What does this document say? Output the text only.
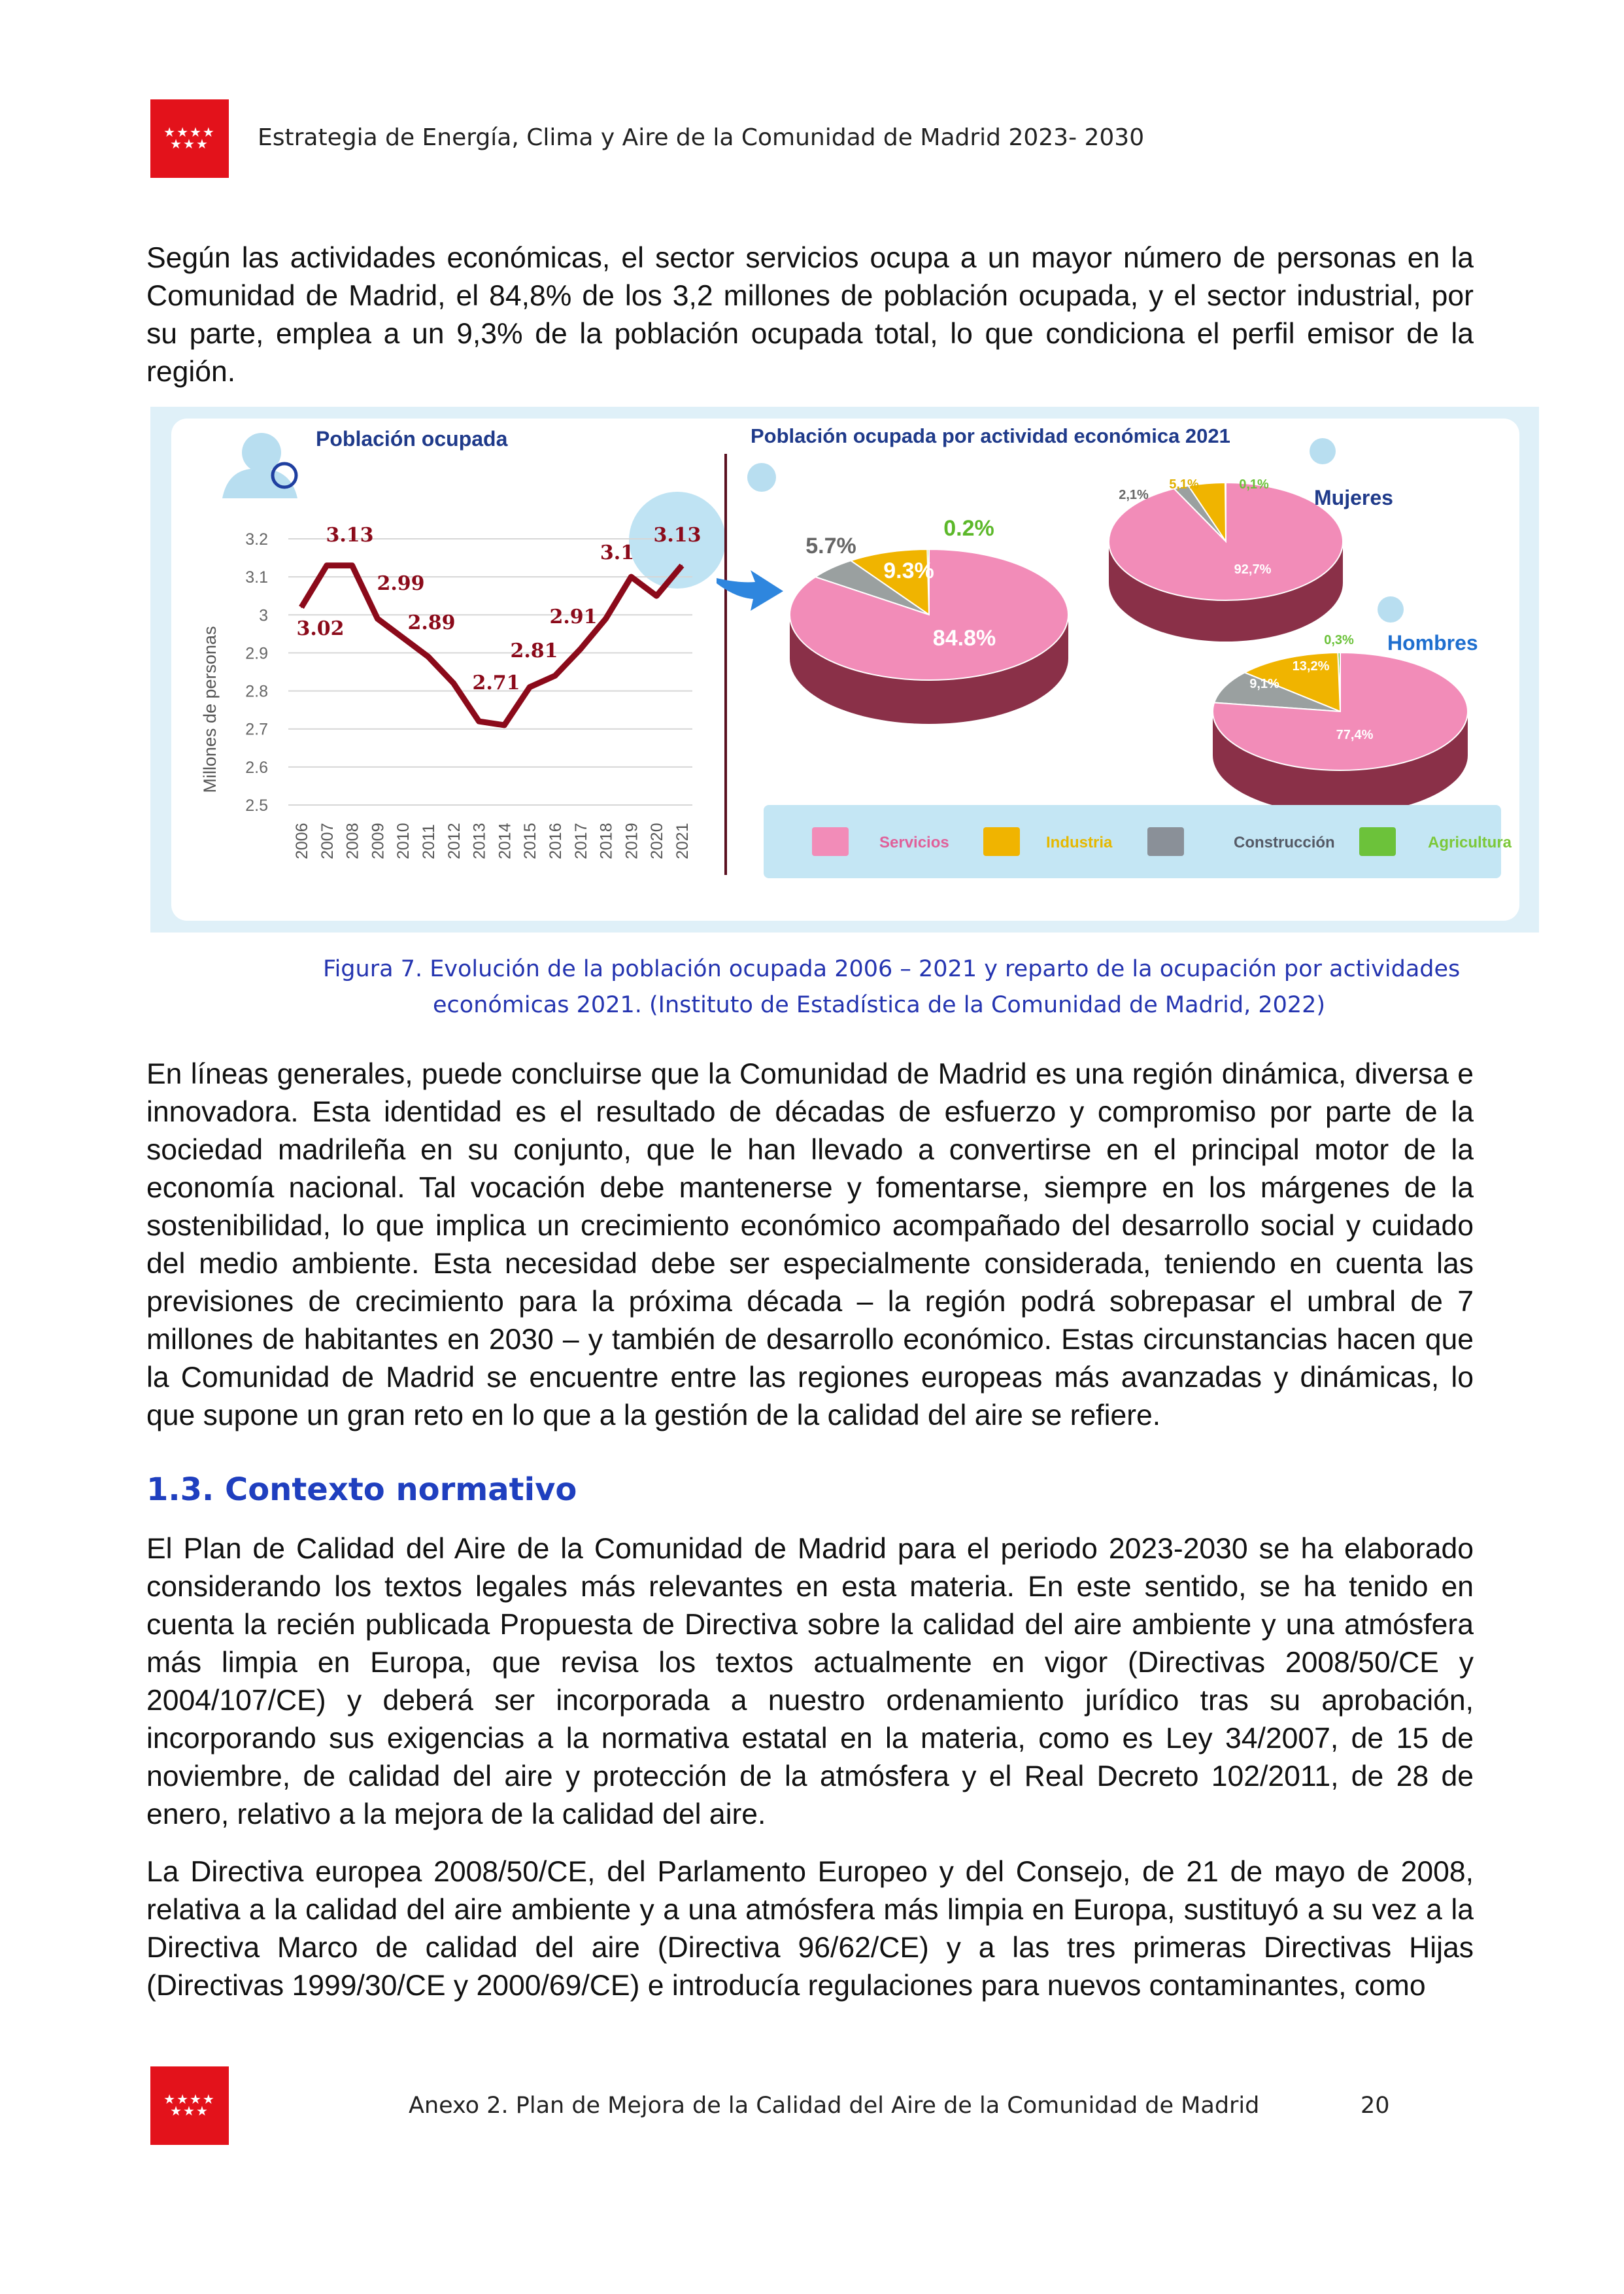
★★★★
★★★	Estrategia de Energía, Clima y Aire de la Comunidad de Madrid 2023- 2030
Según las actividades económicas, el sector servicios ocupa a un mayor número de personas en la Comunidad de Madrid, el 84,8% de los 3,2 millones de población ocupada, y el sector industrial, por su parte, emplea a un 9,3% de la población ocupada total, lo que condiciona el perfil emisor de la región.
Población ocupada
2.5
2.6
2.7
2.8
2.9
3
3.1
3.2
Millones de personas
2006 2007 2008 2009 2010 2011 2012 2013 2014 2015 2016 2017 2018 2019 2020 2021
3.02
3.13
2.99
2.89
2.71
2.81
2.91
3.1
3.13
Población ocupada por actividad económica 2021
0.2%
9.3%
5.7%
84.8%
0,1%
5,1%
2,1%
92,7%
0,3%
13,2%
9,1%
77,4%
Mujeres
Hombres
Servicios	Industria	Construcción	Agricultura
Figura 7. Evolución de la población ocupada 2006 – 2021 y reparto de la ocupación por actividades
económicas 2021. (Instituto de Estadística de la Comunidad de Madrid, 2022)
En líneas generales, puede concluirse que la Comunidad de Madrid es una región dinámica, diversa e innovadora. Esta identidad es el resultado de décadas de esfuerzo y compromiso por parte de la sociedad madrileña en su conjunto, que le han llevado a convertirse en el principal motor de la economía nacional. Tal vocación debe mantenerse y fomentarse, siempre en los márgenes de la sostenibilidad, lo que implica un crecimiento económico acompañado del desarrollo social y cuidado del medio ambiente. Esta necesidad debe ser especialmente considerada, teniendo en cuenta las previsiones de crecimiento para la próxima década – la región podrá sobrepasar el umbral de 7 millones de habitantes en 2030 – y también de desarrollo económico. Estas circunstancias hacen que la Comunidad de Madrid se encuentre entre las regiones europeas más avanzadas y dinámicas, lo que supone un gran reto en lo que a la gestión de la calidad del aire se refiere.
1.3. Contexto normativo
El Plan de Calidad del Aire de la Comunidad de Madrid para el periodo 2023-2030 se ha elaborado considerando los textos legales más relevantes en esta materia. En este sentido, se ha tenido en cuenta la recién publicada Propuesta de Directiva sobre la calidad del aire ambiente y una atmósfera más limpia en Europa, que revisa los textos actualmente en vigor (Directivas 2008/50/CE y 2004/107/CE) y deberá ser incorporada a nuestro ordenamiento jurídico tras su aprobación, incorporando sus exigencias a la normativa estatal en la materia, como es Ley 34/2007, de 15 de noviembre, de calidad del aire y protección de la atmósfera y el Real Decreto 102/2011, de 28 de enero, relativo a la mejora de la calidad del aire.
La Directiva europea 2008/50/CE, del Parlamento Europeo y del Consejo, de 21 de mayo de 2008, relativa a la calidad del aire ambiente y a una atmósfera más limpia en Europa, sustituyó a su vez a la Directiva Marco de calidad del aire (Directiva 96/62/CE) y a las tres primeras Directivas Hijas (Directivas 1999/30/CE y 2000/69/CE) e introducía regulaciones para nuevos contaminantes, como
★★★★
★★★	Anexo 2. Plan de Mejora de la Calidad del Aire de la Comunidad de Madrid	20
